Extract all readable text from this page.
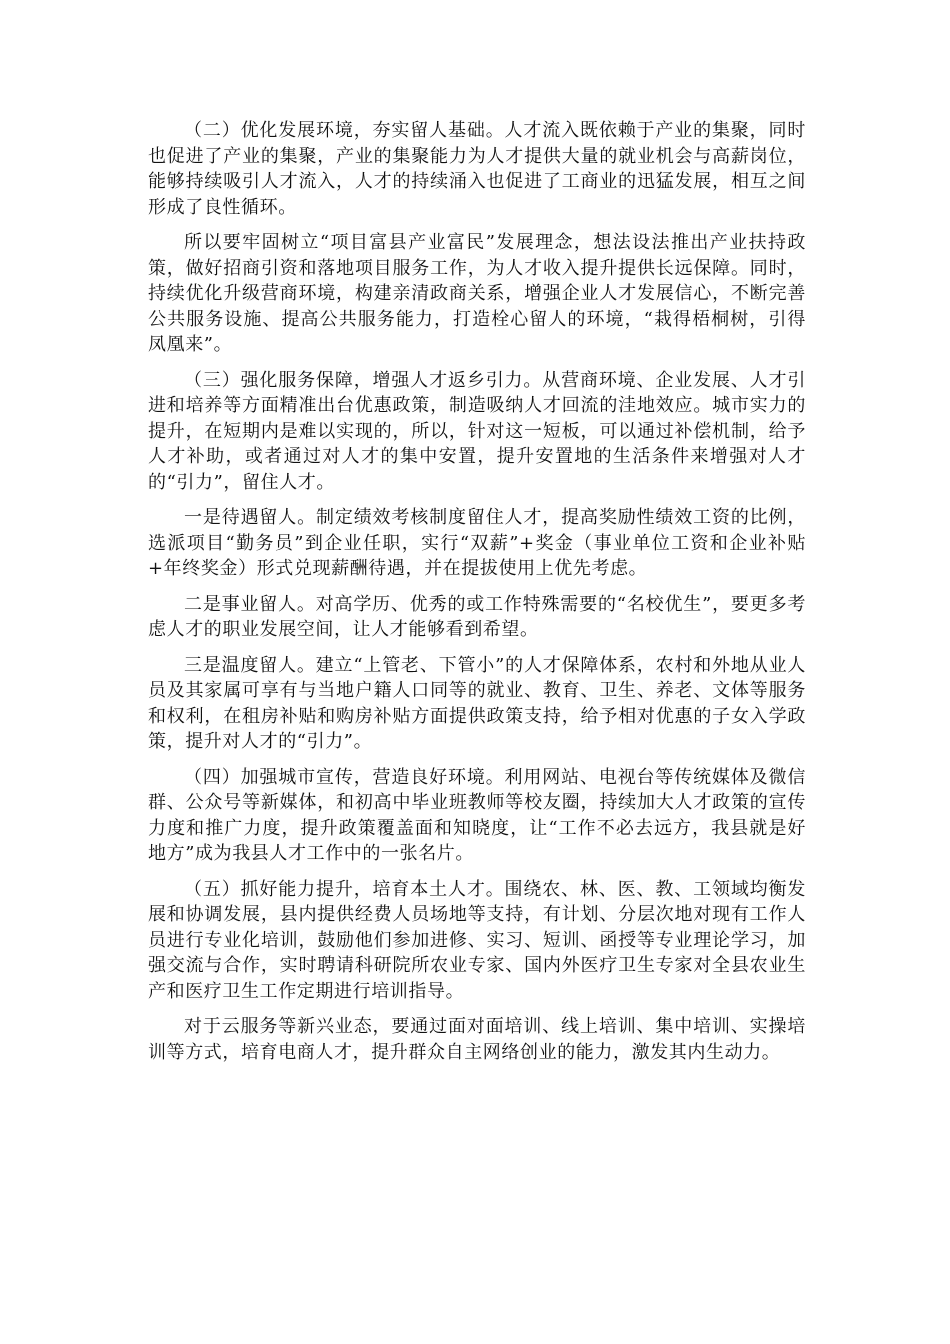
（二）优化发展环境，夯实留人基础。人才流入既依赖于产业的集聚，同时也促进了产业的集聚，产业的集聚能力为人才提供大量的就业机会与高薪岗位，能够持续吸引人才流入，人才的持续涌入也促进了工商业的迅猛发展，相互之间形成了良性循环。

所以要牢固树立“项目富县产业富民”发展理念，想法设法推出产业扶持政策，做好招商引资和落地项目服务工作，为人才收入提升提供长远保障。同时，持续优化升级营商环境，构建亲清政商关系，增强企业人才发展信心，不断完善公共服务设施、提高公共服务能力，打造栓心留人的环境，“栽得梧桐树，引得凤凰来”。

（三）强化服务保障，增强人才返乡引力。从营商环境、企业发展、人才引进和培养等方面精准出台优惠政策，制造吸纳人才回流的洼地效应。城市实力的提升，在短期内是难以实现的，所以，针对这一短板，可以通过补偿机制，给予人才补助，或者通过对人才的集中安置，提升安置地的生活条件来增强对人才的“引力”，留住人才。

一是待遇留人。制定绩效考核制度留住人才，提高奖励性绩效工资的比例，选派项目“勤务员”到企业任职，实行“双薪”+奖金（事业单位工资和企业补贴+年终奖金）形式兑现薪酬待遇，并在提拔使用上优先考虑。

二是事业留人。对高学历、优秀的或工作特殊需要的“名校优生”，要更多考虑人才的职业发展空间，让人才能够看到希望。

三是温度留人。建立“上管老、下管小”的人才保障体系，农村和外地从业人员及其家属可享有与当地户籍人口同等的就业、教育、卫生、养老、文体等服务和权利，在租房补贴和购房补贴方面提供政策支持，给予相对优惠的子女入学政策，提升对人才的“引力”。

（四）加强城市宣传，营造良好环境。利用网站、电视台等传统媒体及微信群、公众号等新媒体，和初高中毕业班教师等校友圈，持续加大人才政策的宣传力度和推广力度，提升政策覆盖面和知晓度，让“工作不必去远方，我县就是好地方”成为我县人才工作中的一张名片。

（五）抓好能力提升，培育本土人才。围绕农、林、医、教、工领域均衡发展和协调发展，县内提供经费人员场地等支持，有计划、分层次地对现有工作人员进行专业化培训，鼓励他们参加进修、实习、短训、函授等专业理论学习，加强交流与合作，实时聘请科研院所农业专家、国内外医疗卫生专家对全县农业生产和医疗卫生工作定期进行培训指导。

对于云服务等新兴业态，要通过面对面培训、线上培训、集中培训、实操培训等方式，培育电商人才，提升群众自主网络创业的能力，激发其内生动力。
